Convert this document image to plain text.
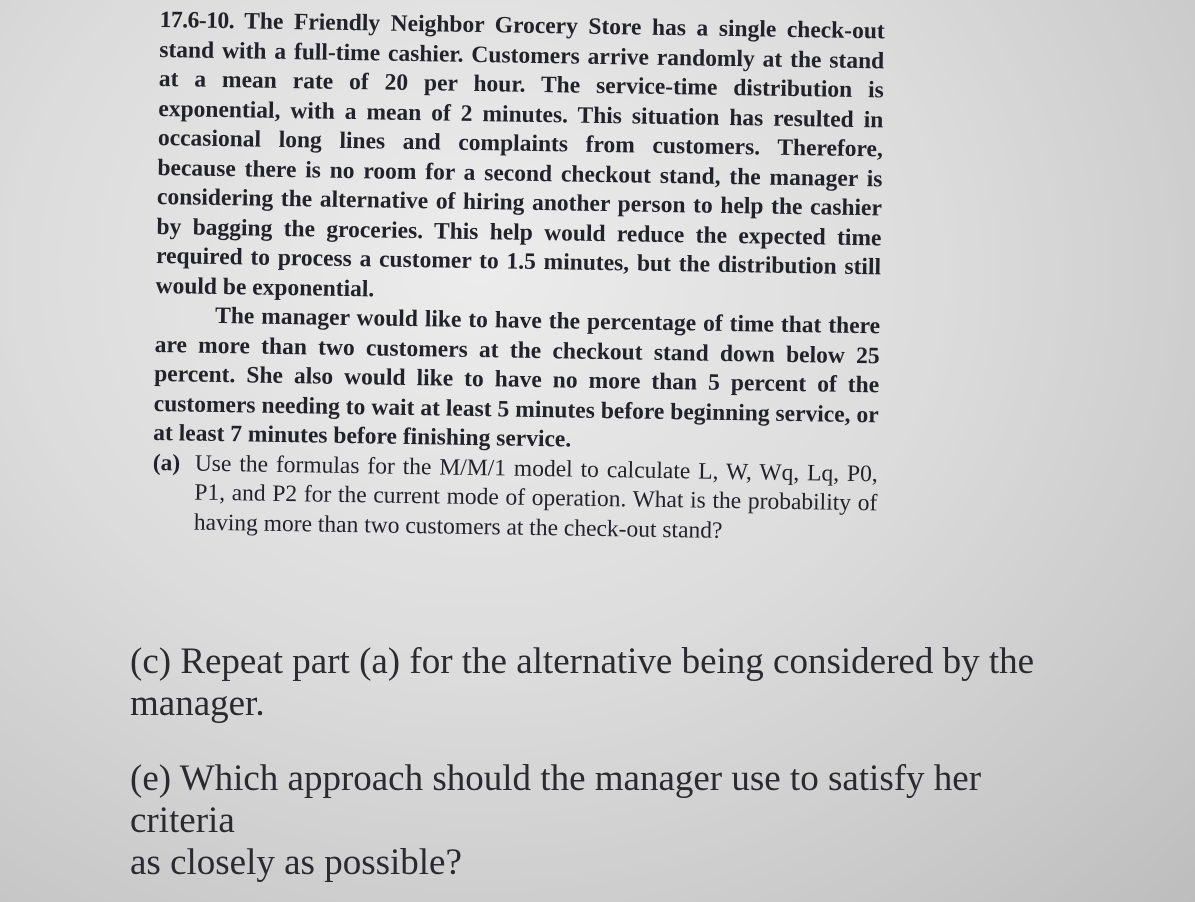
17.6-10. The Friendly Neighbor Grocery Store has a single check-out stand with a full-time cashier. Customers arrive randomly at the stand at a mean rate of 20 per hour. The service-time distribution is exponential, with a mean of 2 minutes. This situation has resulted in occasional long lines and complaints from customers. Therefore, because there is no room for a second checkout stand, the manager is considering the alternative of hiring another person to help the cashier by bagging the groceries. This help would reduce the expected time required to process a customer to 1.5 minutes, but the distribution still would be exponential.

The manager would like to have the percentage of time that there are more than two customers at the checkout stand down below 25 percent. She also would like to have no more than 5 percent of the customers needing to wait at least 5 minutes before beginning service, or at least 7 minutes before finishing service.

(a) Use the formulas for the M/M/1 model to calculate L, W, Wq, Lq, P0, P1, and P2 for the current mode of operation. What is the probability of having more than two customers at the check-out stand?

(c) Repeat part (a) for the alternative being considered by the
manager.

(e) Which approach should the manager use to satisfy her
criteria
as closely as possible?
